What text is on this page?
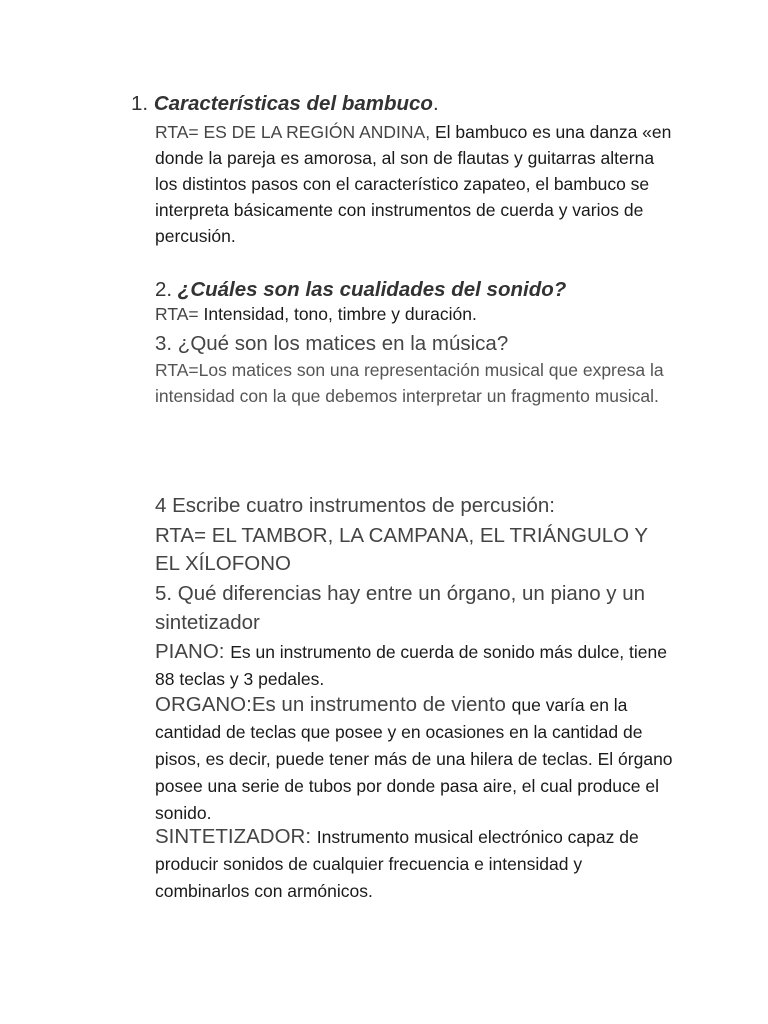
1. Características del bambuco.

RTA= ES DE LA REGIÓN ANDINA, El bambuco es una danza «en donde la pareja es amorosa, al son de flautas y guitarras alterna los distintos pasos con el característico zapateo, el bambuco se interpreta básicamente con instrumentos de cuerda y varios de percusión.

2. ¿Cuáles son las cualidades del sonido?

RTA= Intensidad, tono, timbre y duración.

3. ¿Qué son los matices en la música?

RTA=Los matices son una representación musical que expresa la intensidad con la que debemos interpretar un fragmento musical.

4 Escribe cuatro instrumentos de percusión:

RTA= EL TAMBOR, LA CAMPANA, EL TRIÁNGULO Y EL XÍLOFONO

5. Qué diferencias hay entre un órgano, un piano y un sintetizador

PIANO: Es un instrumento de cuerda de sonido más dulce, tiene 88 teclas y 3 pedales.

ORGANO:Es un instrumento de viento que varía en la cantidad de teclas que posee y en ocasiones en la cantidad de pisos, es decir, puede tener más de una hilera de teclas. El órgano posee una serie de tubos por donde pasa aire, el cual produce el sonido.

SINTETIZADOR: Instrumento musical electrónico capaz de producir sonidos de cualquier frecuencia e intensidad y combinarlos con armónicos.
